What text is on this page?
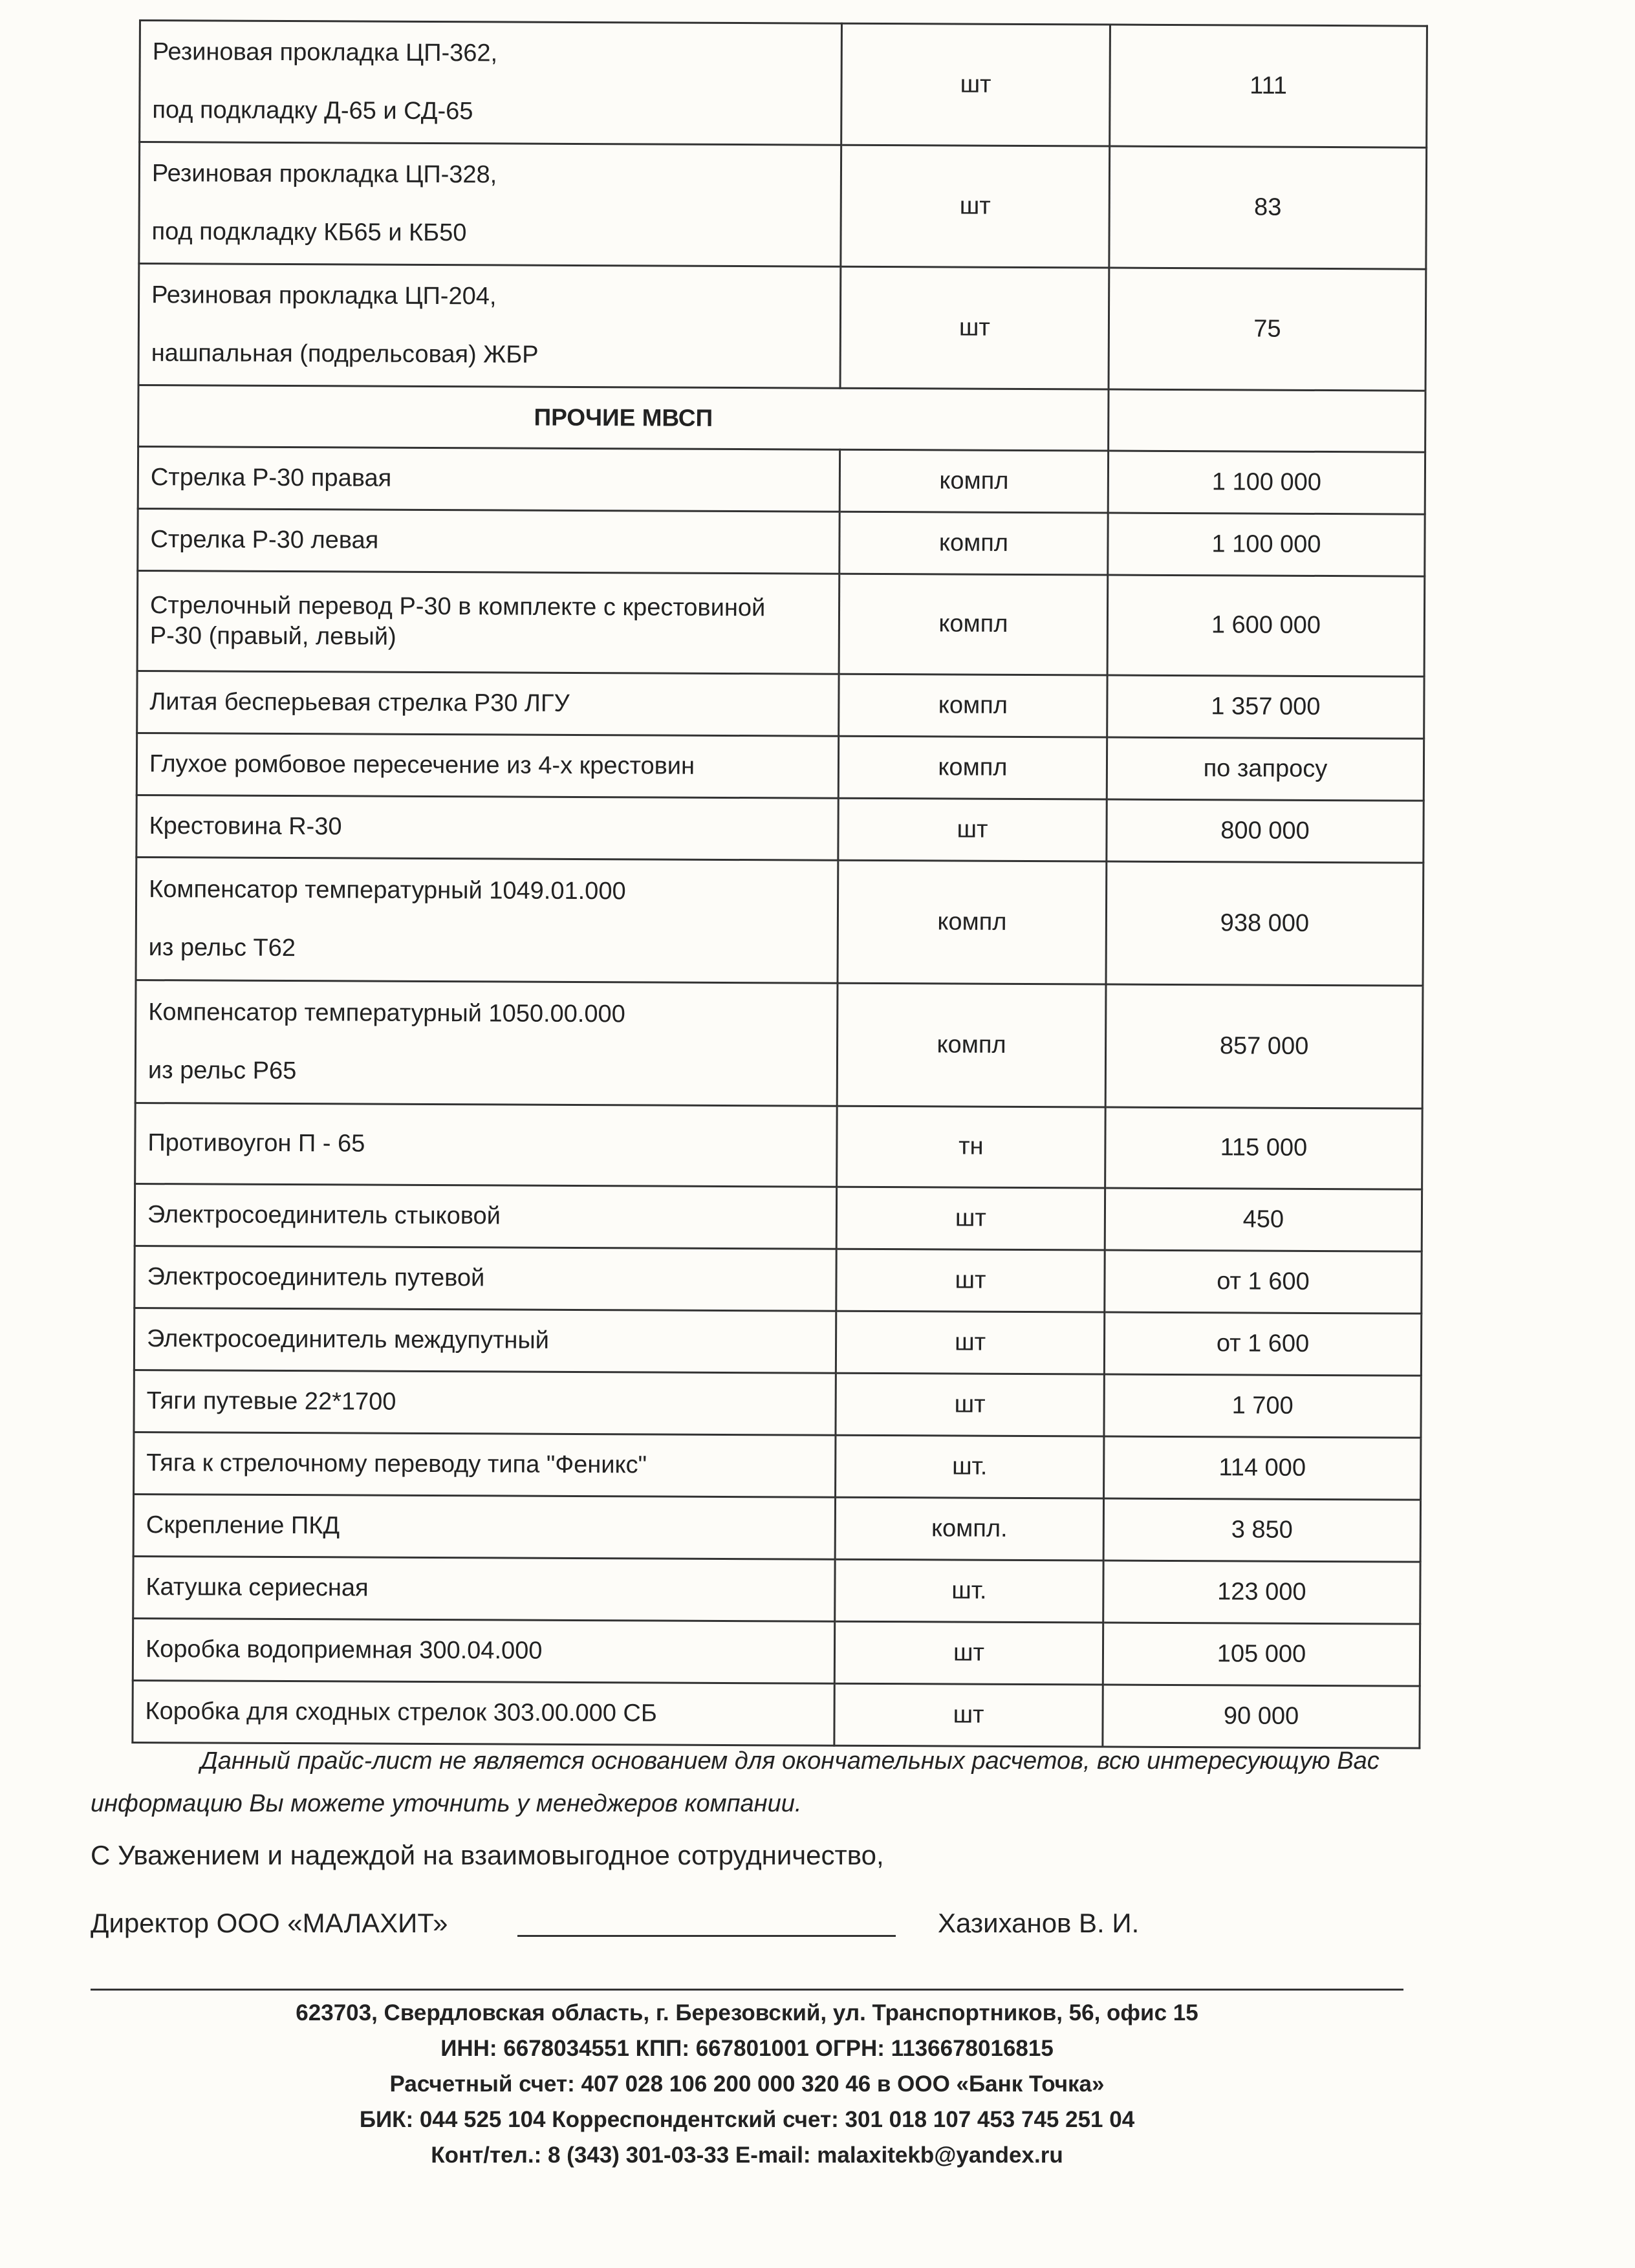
Резиновая прокладка ЦП-362,
под подкладку Д-65 и СД-65	шт	111
Резиновая прокладка ЦП-328,
под подкладку КБ65 и КБ50	шт	83
Резиновая прокладка ЦП-204,
нашпальная (подрельсовая) ЖБР	шт	75
ПРОЧИЕ МВСП		
Стрелка Р-30 правая	компл	1 100 000
Стрелка Р-30 левая	компл	1 100 000
Стрелочный перевод Р-30 в комплекте с крестовиной
Р-30 (правый, левый)	компл	1 600 000
Литая бесперьевая стрелка Р30 ЛГУ	компл	1 357 000
Глухое ромбовое пересечение из 4-х крестовин	компл	по запросу
Крестовина R-30	шт	800 000
Компенсатор температурный 1049.01.000
из рельс Т62	компл	938 000
Компенсатор температурный 1050.00.000
из рельс Р65	компл	857 000
Противоугон П - 65	тн	115 000
Электросоединитель стыковой	шт	450
Электросоединитель путевой	шт	от 1 600
Электросоединитель междупутный	шт	от 1 600
Тяги путевые 22*1700	шт	1 700
Тяга к стрелочному переводу типа "Феникс"	шт.	114 000
Скрепление ПКД	компл.	3 850
Катушка сериесная	шт.	123 000
Коробка водоприемная 300.04.000	шт	105 000
Коробка для сходных стрелок 303.00.000 СБ	шт	90 000
Данный прайс-лист не является основанием для окончательных расчетов, всю интересующую Вас информацию Вы можете уточнить у менеджеров компании.
С Уважением и надеждой на взаимовыгодное сотрудничество,
Директор ООО «МАЛАХИТ»	Хазиханов В. И.
623703, Свердловская область, г. Березовский, ул. Транспортников, 56, офис 15
ИНН: 6678034551 КПП: 667801001 ОГРН: 1136678016815
Расчетный счет: 407 028 106 200 000 320 46 в ООО «Банк Точка»
БИК: 044 525 104 Корреспондентский счет: 301 018 107 453 745 251 04
Конт/тел.: 8 (343) 301-03-33 E-mail: malaxitekb@yandex.ru
